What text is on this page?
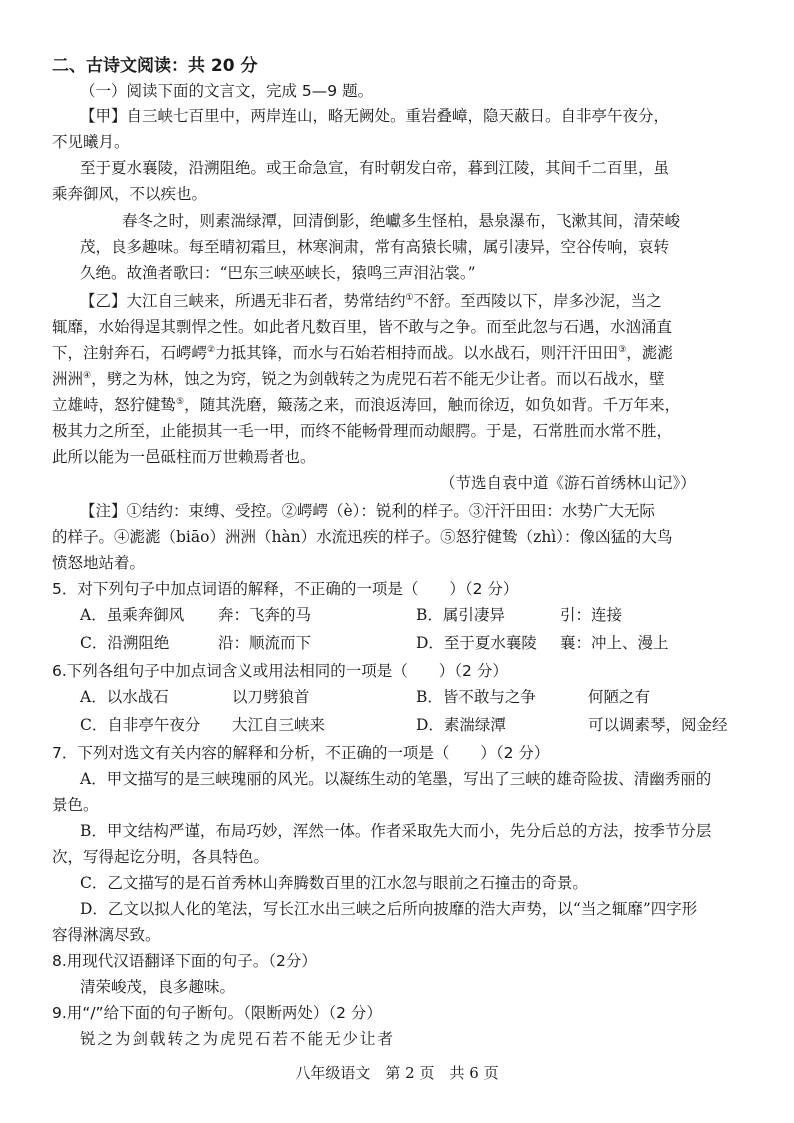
二、古诗文阅读：共 20 分
（一）阅读下面的文言文，完成 5—9 题。
【甲】自三峡七百里中，两岸连山，略无阙处。重岩叠嶂，隐天蔽日。自非亭午夜分，
不见曦月。
至于夏水襄陵，沿溯阻绝。或王命急宣，有时朝发白帝，暮到江陵，其间千二百里，虽
乘奔御风，不以疾也。
春冬之时，则素湍绿潭，回清倒影，绝巘多生怪柏，悬泉瀑布，飞漱其间，清荣峻
茂，良多趣味。每至晴初霜旦，林寒涧肃，常有高猿长啸，属引凄异，空谷传响，哀转
久绝。故渔者歌曰：“巴东三峡巫峡长，猿鸣三声泪沾裳。”
【乙】大江自三峡来，所遇无非石者，势常结约①不舒。至西陵以下，岸多沙泥，当之
辄靡，水始得逞其剽悍之性。如此者凡数百里，皆不敢与之争。而至此忽与石遇，水汹涌直
下，注射奔石，石崿崿②力抵其锋，而水与石始若相持而战。以水战石，则汗汗田田③，滮滮
洲洲④，劈之为林，蚀之为窍，锐之为剑戟转之为虎兕石若不能无少让者。而以石战水，壁
立雄峙，怒狞健鸷⑤，随其洗磨，簸荡之来，而浪返涛回，触而徐迈，如负如背。千万年来，
极其力之所至，止能损其一毛一甲，而终不能畅骨理而动龈腭。于是，石常胜而水常不胜，
此所以能为一邑砥柱而万世赖焉者也。
（节选自袁中道《游石首绣林山记》）
【注】①结约：束缚、受控。②崿崿（è）：锐利的样子。③汗汗田田：水势广大无际
的样子。④滮滮（biāo）洲洲（hàn）水流迅疾的样子。⑤怒狞健鸷（zhì）：像凶猛的大鸟
愤怒地站着。
5．对下列句子中加点词语的解释，不正确的一项是（　　）（2 分）
A．虽乘奔御风 奔：飞奔的马	B．属引凄异	引：连接
C．沿溯阻绝	沿：顺流而下	D．至于夏水襄陵 襄：冲上、漫上
6.下列各组句子中加点词含义或用法相同的一项是（　　）（2 分）
A．以水战石	以刀劈狼首	B．皆不敢与之争	何陋之有
C．自非亭午夜分 大江自三峡来	D．素湍绿潭	可以调素琴，阅金经
7．下列对选文有关内容的解释和分析，不正确的一项是（　　）（2 分）
A．甲文描写的是三峡瑰丽的风光。以凝练生动的笔墨，写出了三峡的雄奇险拔、清幽秀丽的
景色。
B．甲文结构严谨，布局巧妙，浑然一体。作者采取先大而小，先分后总的方法，按季节分层
次，写得起讫分明，各具特色。
C．乙文描写的是石首秀林山奔腾数百里的江水忽与眼前之石撞击的奇景。
D．乙文以拟人化的笔法，写长江水出三峡之后所向披靡的浩大声势，以“当之辄靡”四字形
容得淋漓尽致。
8.用现代汉语翻译下面的句子。（2分）
清荣峻茂，良多趣味。
9.用“/”给下面的句子断句。（限断两处）（2 分）
锐之为剑戟转之为虎兕石若不能无少让者
八年级语文　第 2 页　共 6 页
